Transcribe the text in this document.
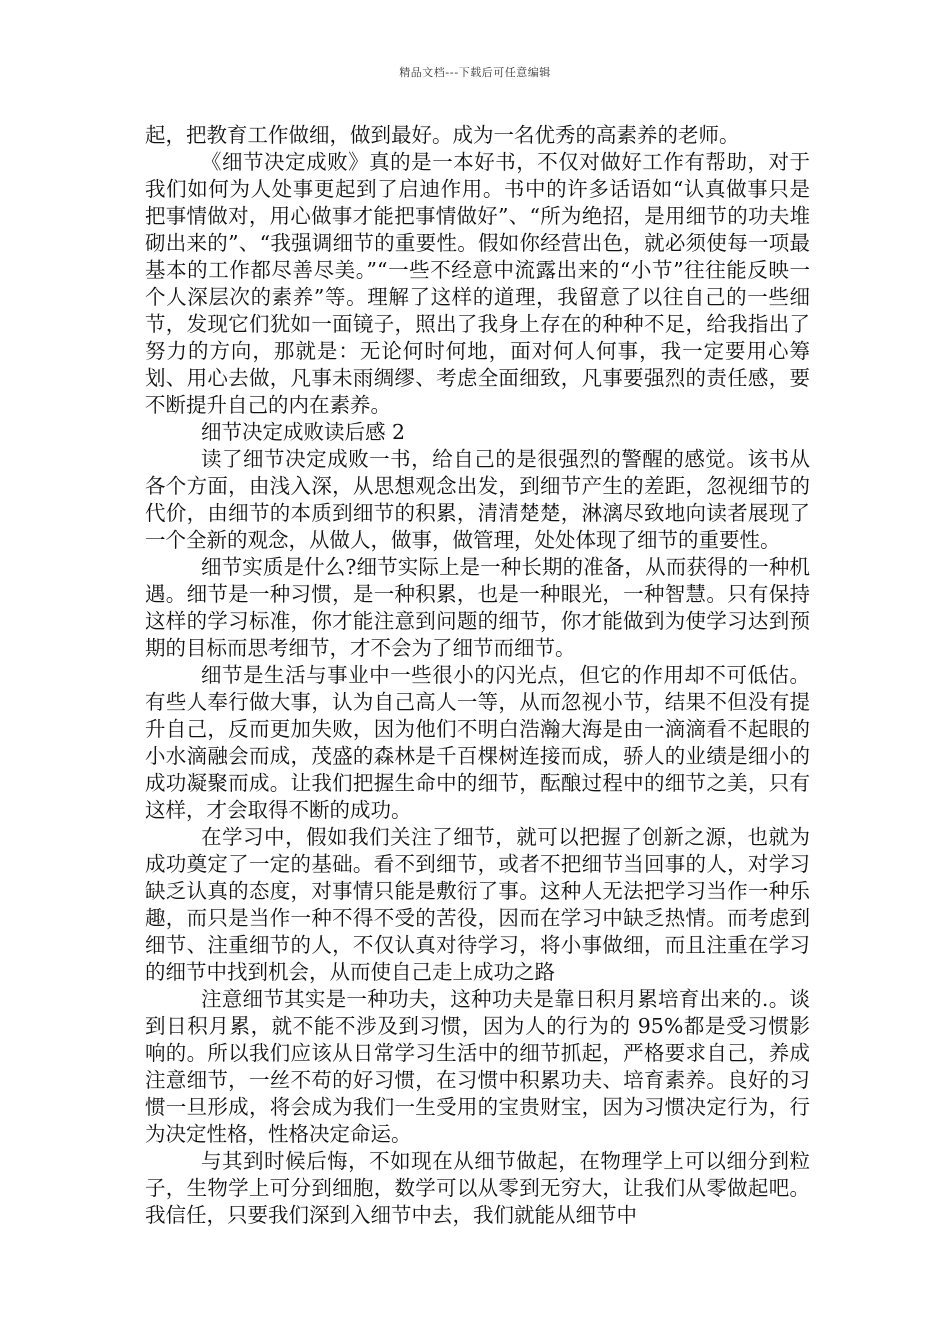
精品文档---下载后可任意编辑

起，把教育工作做细，做到最好。成为一名优秀的高素养的老师。

《细节决定成败》真的是一本好书，不仅对做好工作有帮助，对于我们如何为人处事更起到了启迪作用。书中的许多话语如“认真做事只是把事情做对，用心做事才能把事情做好”、“所为绝招，是用细节的功夫堆砌出来的”、“我强调细节的重要性。假如你经营出色，就必须使每一项最基本的工作都尽善尽美。”“一些不经意中流露出来的“小节”往往能反映一个人深层次的素养”等。理解了这样的道理，我留意了以往自己的一些细节，发现它们犹如一面镜子，照出了我身上存在的种种不足，给我指出了努力的方向，那就是：无论何时何地，面对何人何事，我一定要用心筹划、用心去做，凡事未雨绸缪、考虑全面细致，凡事要强烈的责任感，要不断提升自己的内在素养。

细节决定成败读后感 2

读了细节决定成败一书，给自己的是很强烈的警醒的感觉。该书从各个方面，由浅入深，从思想观念出发，到细节产生的差距，忽视细节的代价，由细节的本质到细节的积累，清清楚楚，淋漓尽致地向读者展现了一个全新的观念，从做人，做事，做管理，处处体现了细节的重要性。

细节实质是什么?细节实际上是一种长期的准备，从而获得的一种机遇。细节是一种习惯，是一种积累，也是一种眼光，一种智慧。只有保持这样的学习标准，你才能注意到问题的细节，你才能做到为使学习达到预期的目标而思考细节，才不会为了细节而细节。

细节是生活与事业中一些很小的闪光点，但它的作用却不可低估。有些人奉行做大事，认为自己高人一等，从而忽视小节，结果不但没有提升自己，反而更加失败，因为他们不明白浩瀚大海是由一滴滴看不起眼的小水滴融会而成，茂盛的森林是千百棵树连接而成，骄人的业绩是细小的成功凝聚而成。让我们把握生命中的细节，酝酿过程中的细节之美，只有这样，才会取得不断的成功。

在学习中，假如我们关注了细节，就可以把握了创新之源，也就为成功奠定了一定的基础。看不到细节，或者不把细节当回事的人，对学习缺乏认真的态度，对事情只能是敷衍了事。这种人无法把学习当作一种乐趣，而只是当作一种不得不受的苦役，因而在学习中缺乏热情。而考虑到细节、注重细节的人，不仅认真对待学习，将小事做细，而且注重在学习的细节中找到机会，从而使自己走上成功之路

注意细节其实是一种功夫，这种功夫是靠日积月累培育出来的.。谈到日积月累，就不能不涉及到习惯，因为人的行为的 95%都是受习惯影响的。所以我们应该从日常学习生活中的细节抓起，严格要求自己，养成注意细节，一丝不苟的好习惯，在习惯中积累功夫、培育素养。良好的习惯一旦形成，将会成为我们一生受用的宝贵财宝，因为习惯决定行为，行为决定性格，性格决定命运。

与其到时候后悔，不如现在从细节做起，在物理学上可以细分到粒子，生物学上可分到细胞，数学可以从零到无穷大，让我们从零做起吧。我信任，只要我们深到入细节中去，我们就能从细节中
